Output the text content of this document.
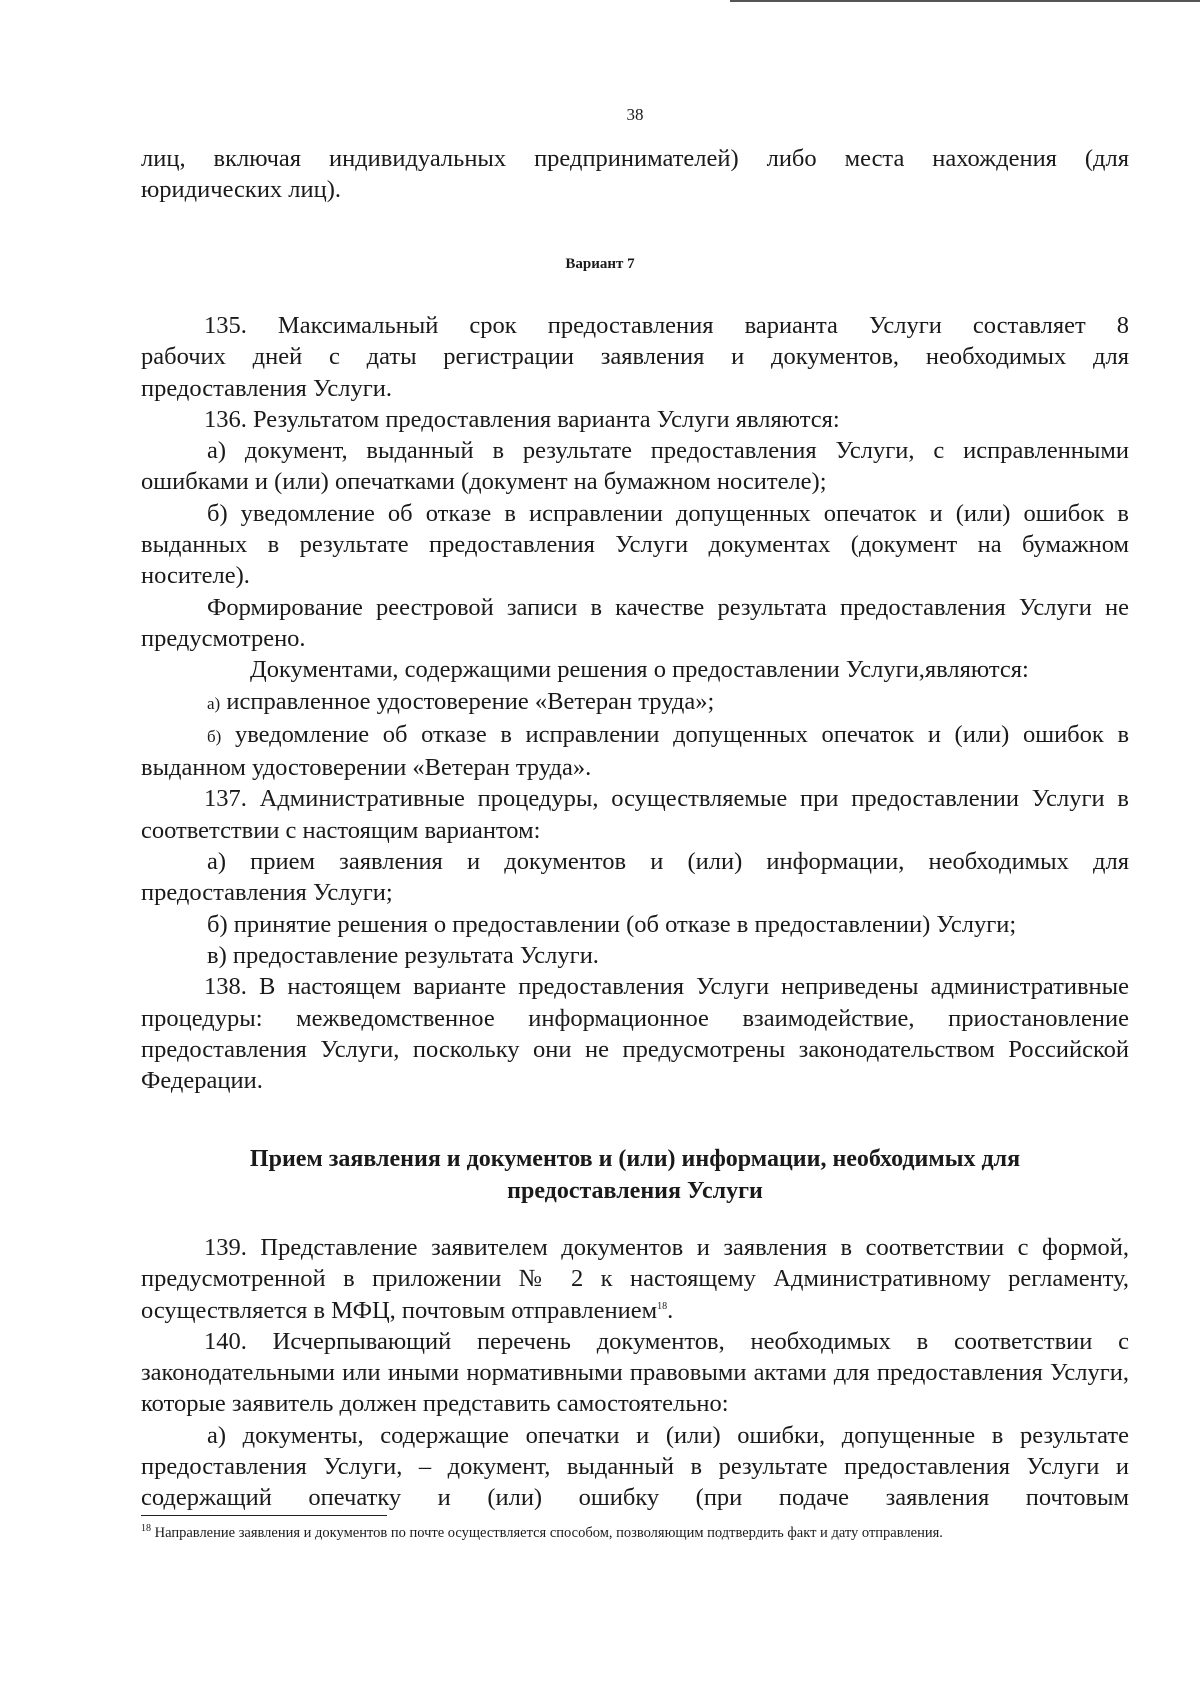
38
лиц, включая индивидуальных предпринимателей) либо места нахождения (для
юридических лиц).
Вариант 7
135. Максимальный срок предоставления варианта Услуги составляет 8
рабочих дней с даты регистрации заявления и документов, необходимых для
предоставления Услуги.
136. Результатом предоставления варианта Услуги являются:
а) документ, выданный в результате предоставления Услуги, с исправленными ошибками и (или) опечатками (документ на бумажном носителе);
б) уведомление об отказе в исправлении допущенных опечаток и (или) ошибок в выданных в результате предоставления Услуги документах (документ на бумажном носителе).
Формирование реестровой записи в качестве результата предоставления Услуги не предусмотрено.
Документами, содержащими решения о предоставлении Услуги,являются:
а) исправленное удостоверение «Ветеран труда»;
б) уведомление об отказе в исправлении допущенных опечаток и (или) ошибок в выданном удостоверении «Ветеран труда».
137. Административные процедуры, осуществляемые при предоставлении Услуги в соответствии с настоящим вариантом:
а) прием заявления и документов и (или) информации, необходимых для предоставления Услуги;
б) принятие решения о предоставлении (об отказе в предоставлении) Услуги;
в) предоставление результата Услуги.
138. В настоящем варианте предоставления Услуги неприведены административные процедуры: межведомственное информационное взаимодействие, приостановление предоставления Услуги, поскольку они не предусмотрены законодательством Российской Федерации.
Прием заявления и документов и (или) информации, необходимых для
предоставления Услуги
139. Представление заявителем документов и заявления в соответствии с формой, предусмотренной в приложении № 2 к настоящему Административному регламенту, осуществляется в МФЦ, почтовым отправлением$^{18}$.
140. Исчерпывающий перечень документов, необходимых в соответствии с законодательными или иными нормативными правовыми актами для предоставления Услуги, которые заявитель должен представить самостоятельно:
а) документы, содержащие опечатки и (или) ошибки, допущенные в результате предоставления Услуги, – документ, выданный в результате предоставления Услуги и содержащий опечатку и (или) ошибку (при подаче заявления почтовым
$^{18}$ Направление заявления и документов по почте осуществляется способом, позволяющим подтвердить факт и дату отправления.
